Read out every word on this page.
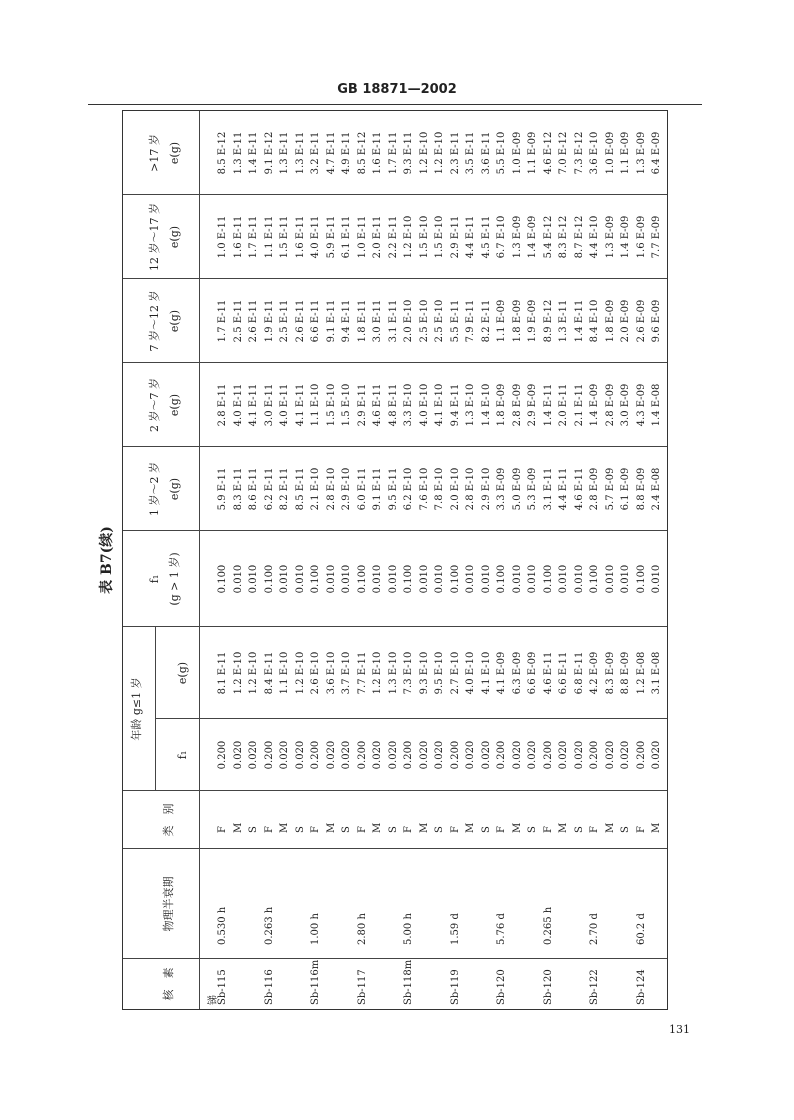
GB 18871—2002
131
表 B7(续)
核　素
物理半衰期
类　别
年龄 g≤1 岁
f₁
e(g)
f₁ (g > 1 岁)
1 岁～2 岁 e(g)
2 岁～7 岁 e(g)
7 岁～12 岁 e(g)
12 岁～17 岁 e(g)
>17 岁 e(g)
锑
Sb-115
0.530 h
F
0.200
8.1 E-11
0.100
5.9 E-11
2.8 E-11
1.7 E-11
1.0 E-11
8.5 E-12
M
0.020
1.2 E-10
0.010
8.3 E-11
4.0 E-11
2.5 E-11
1.6 E-11
1.3 E-11
S
0.020
1.2 E-10
0.010
8.6 E-11
4.1 E-11
2.6 E-11
1.7 E-11
1.4 E-11
Sb-116
0.263 h
F
0.200
8.4 E-11
0.100
6.2 E-11
3.0 E-11
1.9 E-11
1.1 E-11
9.1 E-12
M
0.020
1.1 E-10
0.010
8.2 E-11
4.0 E-11
2.5 E-11
1.5 E-11
1.3 E-11
S
0.020
1.2 E-10
0.010
8.5 E-11
4.1 E-11
2.6 E-11
1.6 E-11
1.3 E-11
Sb-116m
1.00 h
F
0.200
2.6 E-10
0.100
2.1 E-10
1.1 E-10
6.6 E-11
4.0 E-11
3.2 E-11
M
0.020
3.6 E-10
0.010
2.8 E-10
1.5 E-10
9.1 E-11
5.9 E-11
4.7 E-11
S
0.020
3.7 E-10
0.010
2.9 E-10
1.5 E-10
9.4 E-11
6.1 E-11
4.9 E-11
Sb-117
2.80 h
F
0.200
7.7 E-11
0.100
6.0 E-11
2.9 E-11
1.8 E-11
1.0 E-11
8.5 E-12
M
0.020
1.2 E-10
0.010
9.1 E-11
4.6 E-11
3.0 E-11
2.0 E-11
1.6 E-11
S
0.020
1.3 E-10
0.010
9.5 E-11
4.8 E-11
3.1 E-11
2.2 E-11
1.7 E-11
Sb-118m
5.00 h
F
0.200
7.3 E-10
0.100
6.2 E-10
3.3 E-10
2.0 E-10
1.2 E-10
9.3 E-11
M
0.020
9.3 E-10
0.010
7.6 E-10
4.0 E-10
2.5 E-10
1.5 E-10
1.2 E-10
S
0.020
9.5 E-10
0.010
7.8 E-10
4.1 E-10
2.5 E-10
1.5 E-10
1.2 E-10
Sb-119
1.59 d
F
0.200
2.7 E-10
0.100
2.0 E-10
9.4 E-11
5.5 E-11
2.9 E-11
2.3 E-11
M
0.020
4.0 E-10
0.010
2.8 E-10
1.3 E-10
7.9 E-11
4.4 E-11
3.5 E-11
S
0.020
4.1 E-10
0.010
2.9 E-10
1.4 E-10
8.2 E-11
4.5 E-11
3.6 E-11
Sb-120
5.76 d
F
0.200
4.1 E-09
0.100
3.3 E-09
1.8 E-09
1.1 E-09
6.7 E-10
5.5 E-10
M
0.020
6.3 E-09
0.010
5.0 E-09
2.8 E-09
1.8 E-09
1.3 E-09
1.0 E-09
S
0.020
6.6 E-09
0.010
5.3 E-09
2.9 E-09
1.9 E-09
1.4 E-09
1.1 E-09
Sb-120
0.265 h
F
0.200
4.6 E-11
0.100
3.1 E-11
1.4 E-11
8.9 E-12
5.4 E-12
4.6 E-12
M
0.020
6.6 E-11
0.010
4.4 E-11
2.0 E-11
1.3 E-11
8.3 E-12
7.0 E-12
S
0.020
6.8 E-11
0.010
4.6 E-11
2.1 E-11
1.4 E-11
8.7 E-12
7.3 E-12
Sb-122
2.70 d
F
0.200
4.2 E-09
0.100
2.8 E-09
1.4 E-09
8.4 E-10
4.4 E-10
3.6 E-10
M
0.020
8.3 E-09
0.010
5.7 E-09
2.8 E-09
1.8 E-09
1.3 E-09
1.0 E-09
S
0.020
8.8 E-09
0.010
6.1 E-09
3.0 E-09
2.0 E-09
1.4 E-09
1.1 E-09
Sb-124
60.2 d
F
0.200
1.2 E-08
0.100
8.8 E-09
4.3 E-09
2.6 E-09
1.6 E-09
1.3 E-09
M
0.020
3.1 E-08
0.010
2.4 E-08
1.4 E-08
9.6 E-09
7.7 E-09
6.4 E-09
